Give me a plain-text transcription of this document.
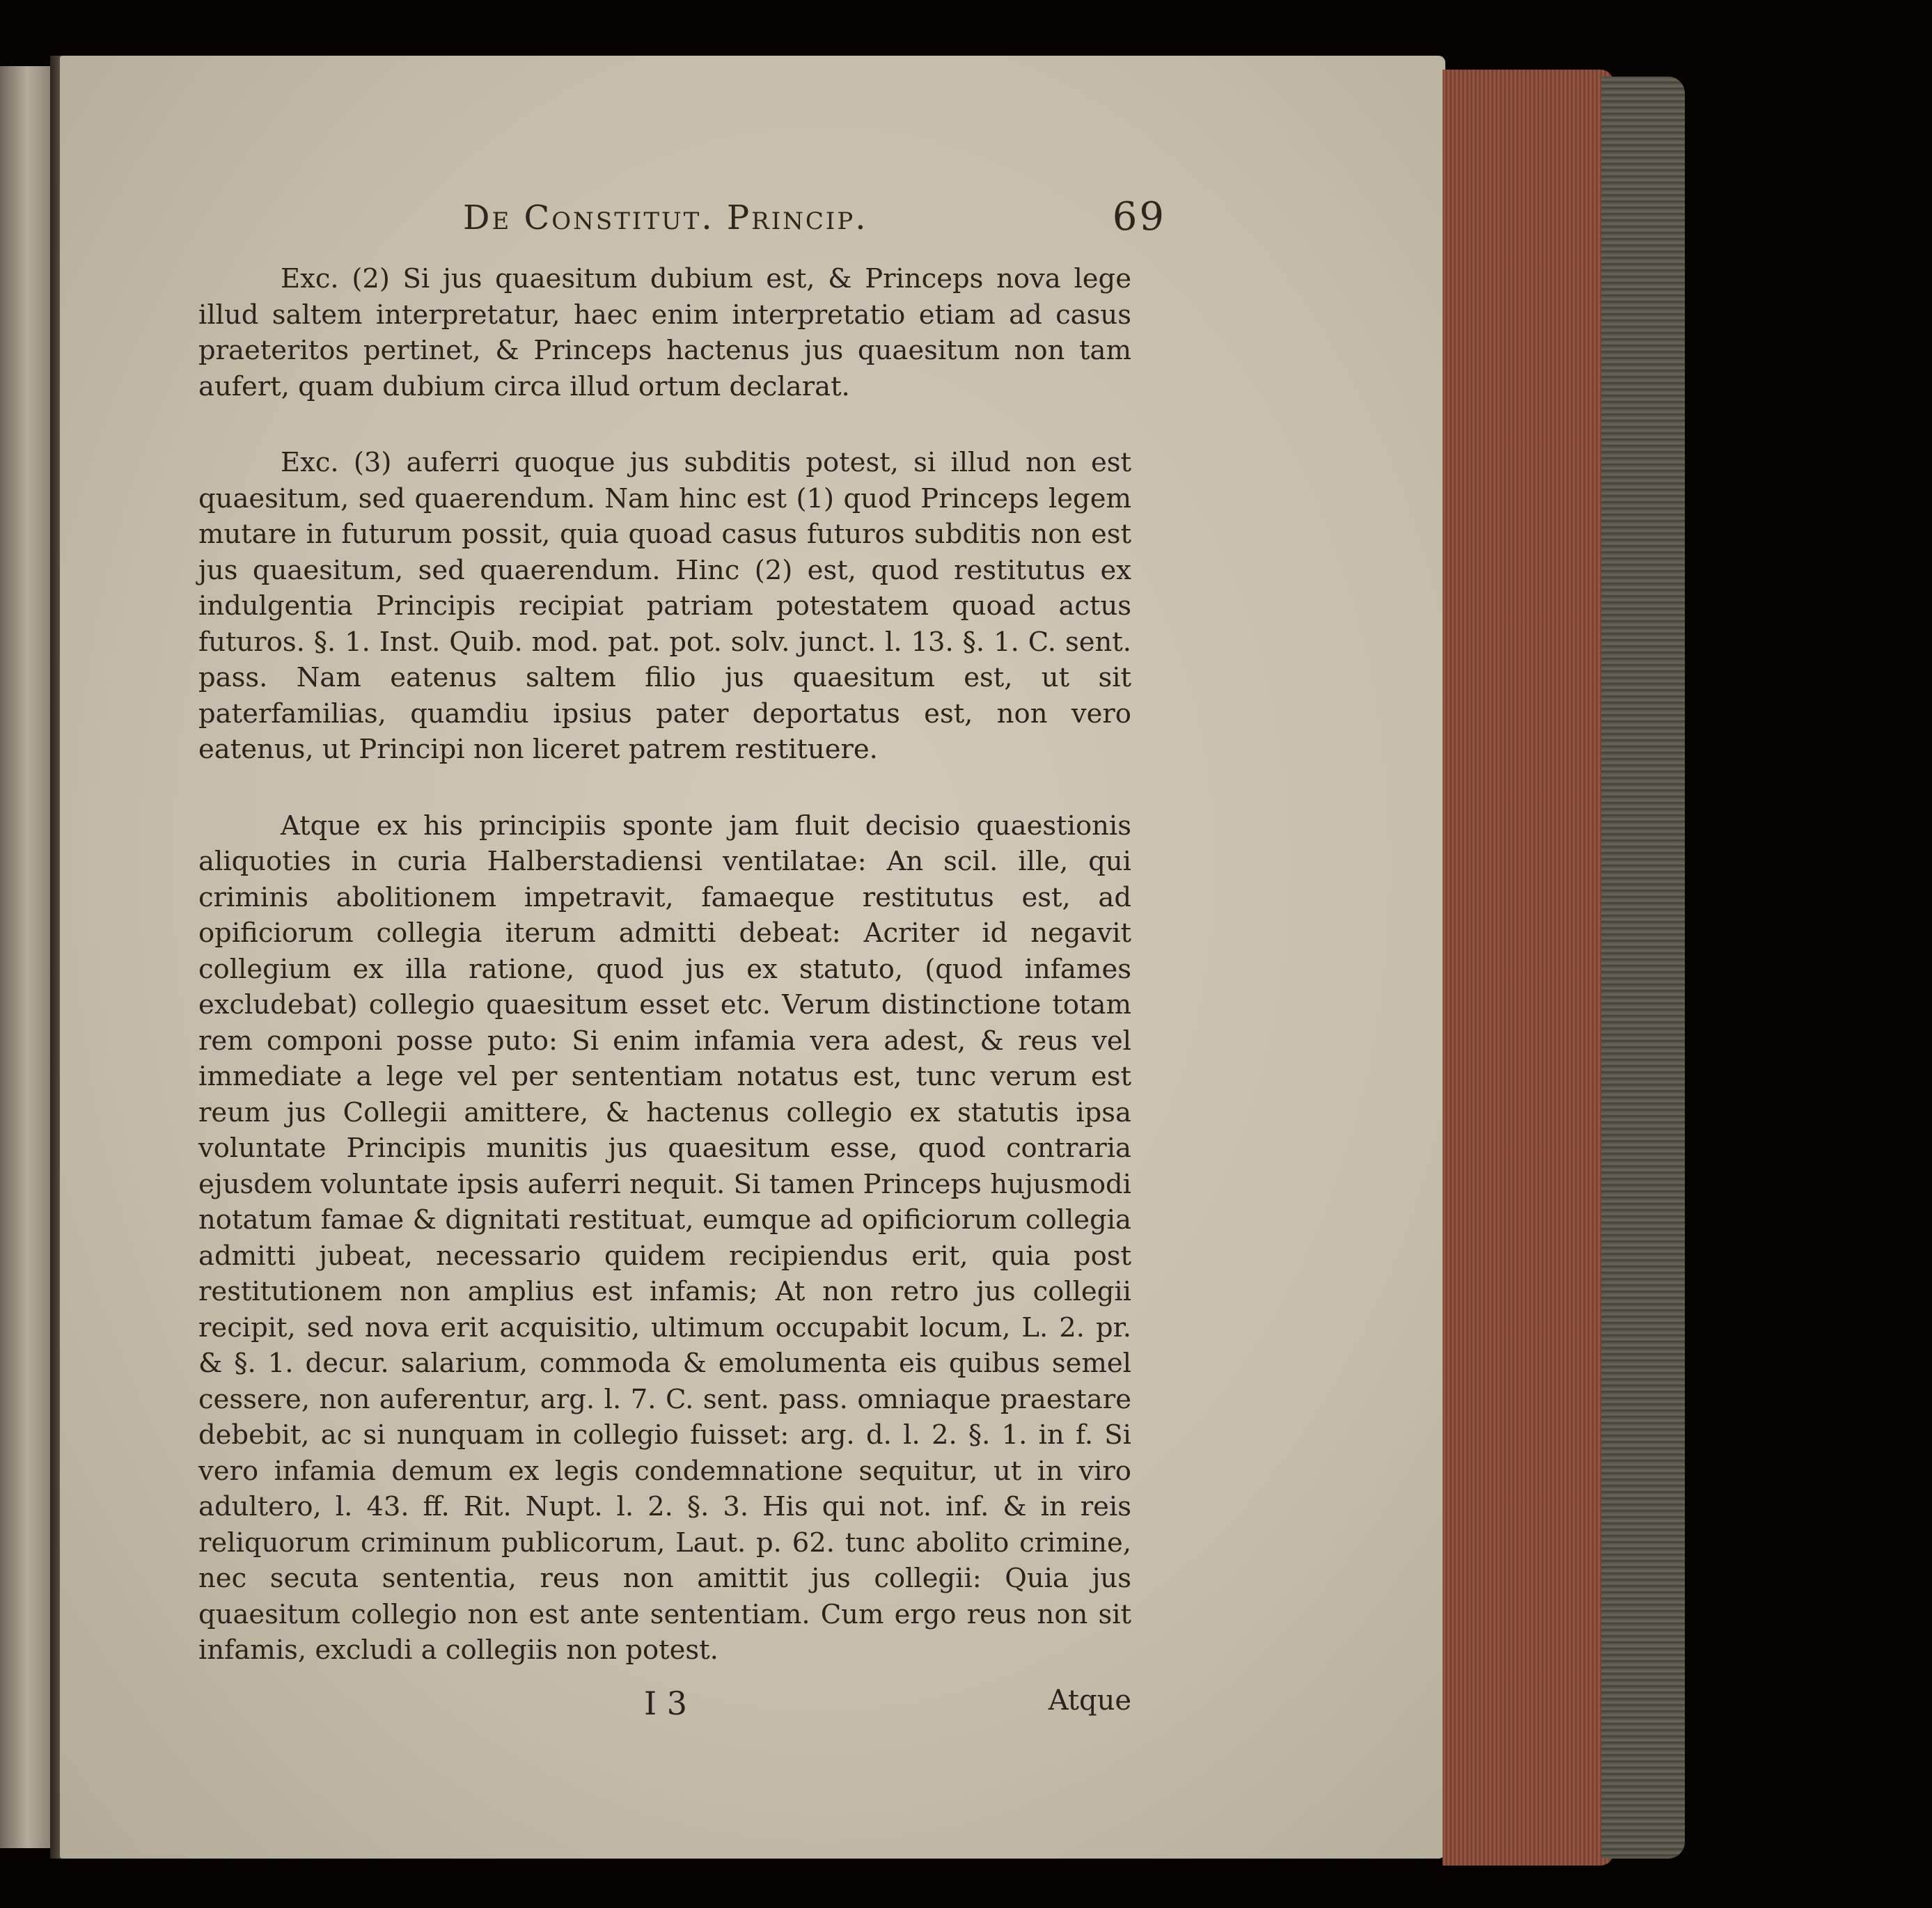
De Constitut. Princip.	69

Exc. (2) Si jus quaesitum dubium est, & Princeps nova lege illud saltem interpretatur, haec enim interpretatio etiam ad casus praeteritos pertinet, & Princeps hactenus jus quaesitum non tam aufert, quam dubium circa illud ortum declarat.

Exc. (3) auferri quoque jus subditis potest, si illud non est quaesitum, sed quaerendum. Nam hinc est (1) quod Princeps legem mutare in futurum possit, quia quoad casus futuros subditis non est jus quaesitum, sed quaerendum. Hinc (2) est, quod restitutus ex indulgentia Principis recipiat patriam potestatem quoad actus futuros. §. 1. Inst. Quib. mod. pat. pot. solv. junct. l. 13. §. 1. C. sent. pass. Nam eatenus saltem filio jus quaesitum est, ut sit paterfamilias, quamdiu ipsius pater deportatus est, non vero eatenus, ut Principi non liceret patrem restituere.

Atque ex his principiis sponte jam fluit decisio quaestionis aliquoties in curia Halberstadiensi ventilatae: An scil. ille, qui criminis abolitionem impetravit, famaeque restitutus est, ad opificiorum collegia iterum admitti debeat: Acriter id negavit collegium ex illa ratione, quod jus ex statuto, (quod infames excludebat) collegio quaesitum esset etc. Verum distinctione totam rem componi posse puto: Si enim infamia vera adest, & reus vel immediate a lege vel per sententiam notatus est, tunc verum est reum jus Collegii amittere, & hactenus collegio ex statutis ipsa voluntate Principis munitis jus quaesitum esse, quod contraria ejusdem voluntate ipsis auferri nequit. Si tamen Princeps hujusmodi notatum famae & dignitati restituat, eumque ad opificiorum collegia admitti jubeat, necessario quidem recipiendus erit, quia post restitutionem non amplius est infamis; At non retro jus collegii recipit, sed nova erit acquisitio, ultimum occupabit locum, L. 2. pr. & §. 1. decur. salarium, commoda & emolumenta eis quibus semel cessere, non auferentur, arg. l. 7. C. sent. pass. omniaque praestare debebit, ac si nunquam in collegio fuisset: arg. d. l. 2. §. 1. in f. Si vero infamia demum ex legis condemnatione sequitur, ut in viro adultero, l. 43. ff. Rit. Nupt. l. 2. §. 3. His qui not. inf. & in reis reliquorum criminum publicorum, Laut. p. 62. tunc abolito crimine, nec secuta sententia, reus non amittit jus collegii: Quia jus quaesitum collegio non est ante sententiam. Cum ergo reus non sit infamis, excludi a collegiis non potest.

I 3	Atque
